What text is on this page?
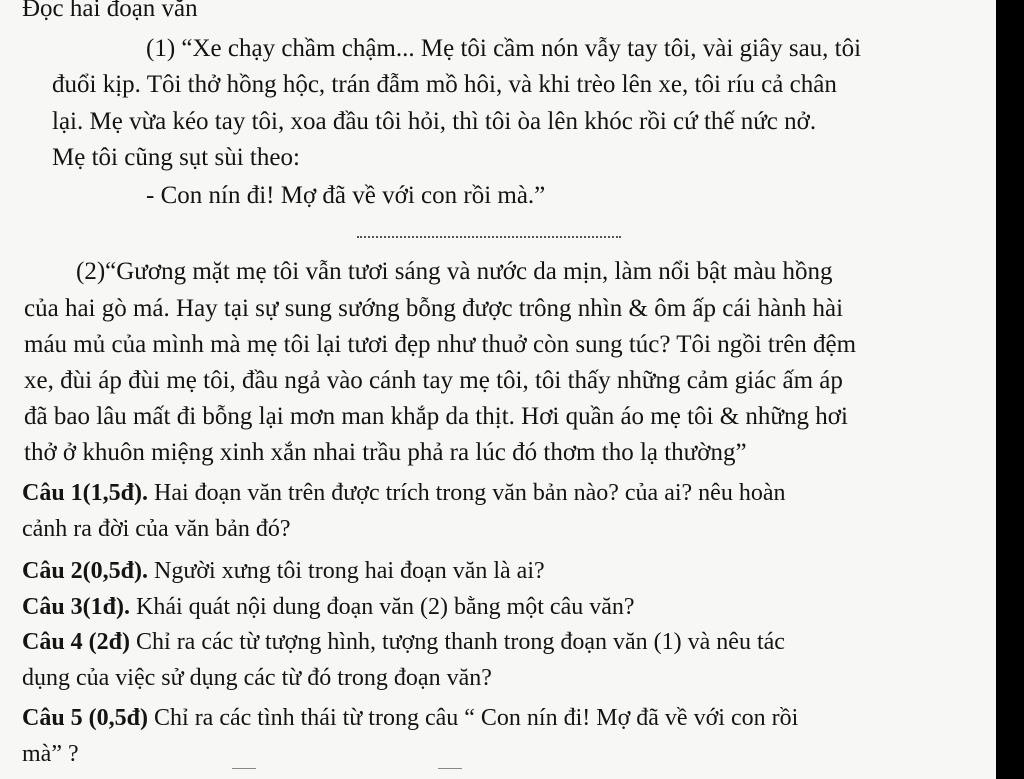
Đọc hai đoạn văn
(1) “Xe chạy chầm chậm... Mẹ tôi cầm nón vẫy tay tôi, vài giây sau, tôi
đuổi kịp. Tôi thở hồng hộc, trán đẫm mồ hôi, và khi trèo lên xe, tôi ríu cả chân
lại. Mẹ vừa kéo tay tôi, xoa đầu tôi hỏi, thì tôi òa lên khóc rồi cứ thế nức nở.
Mẹ tôi cũng sụt sùi theo:
- Con nín đi! Mợ đã về với con rồi mà.”
(2)“Gương mặt mẹ tôi vẫn tươi sáng và nước da mịn, làm nổi bật màu hồng
của hai gò má. Hay tại sự sung sướng bỗng được trông nhìn & ôm ấp cái hành hài
máu mủ của mình mà mẹ tôi lại tươi đẹp như thuở còn sung túc? Tôi ngồi trên đệm
xe, đùi áp đùi mẹ tôi, đầu ngả vào cánh tay mẹ tôi, tôi thấy những cảm giác ấm áp
đã bao lâu mất đi bỗng lại mơn man khắp da thịt. Hơi quần áo mẹ tôi & những hơi
thở ở khuôn miệng xinh xắn nhai trầu phả ra lúc đó thơm tho lạ thường”
Câu 1(1,5đ). Hai đoạn văn trên được trích trong văn bản nào? của ai? nêu hoàn
cảnh ra đời của văn bản đó?
Câu 2(0,5đ). Người xưng tôi trong hai đoạn văn là ai?
Câu 3(1đ). Khái quát nội dung đoạn văn (2) bằng một câu văn?
Câu 4 (2đ) Chỉ ra các từ tượng hình, tượng thanh trong đoạn văn (1) và nêu tác
dụng của việc sử dụng các từ đó trong đoạn văn?
Câu 5 (0,5đ) Chỉ ra các tình thái từ trong câu “ Con nín đi! Mợ đã về với con rồi
mà” ?
